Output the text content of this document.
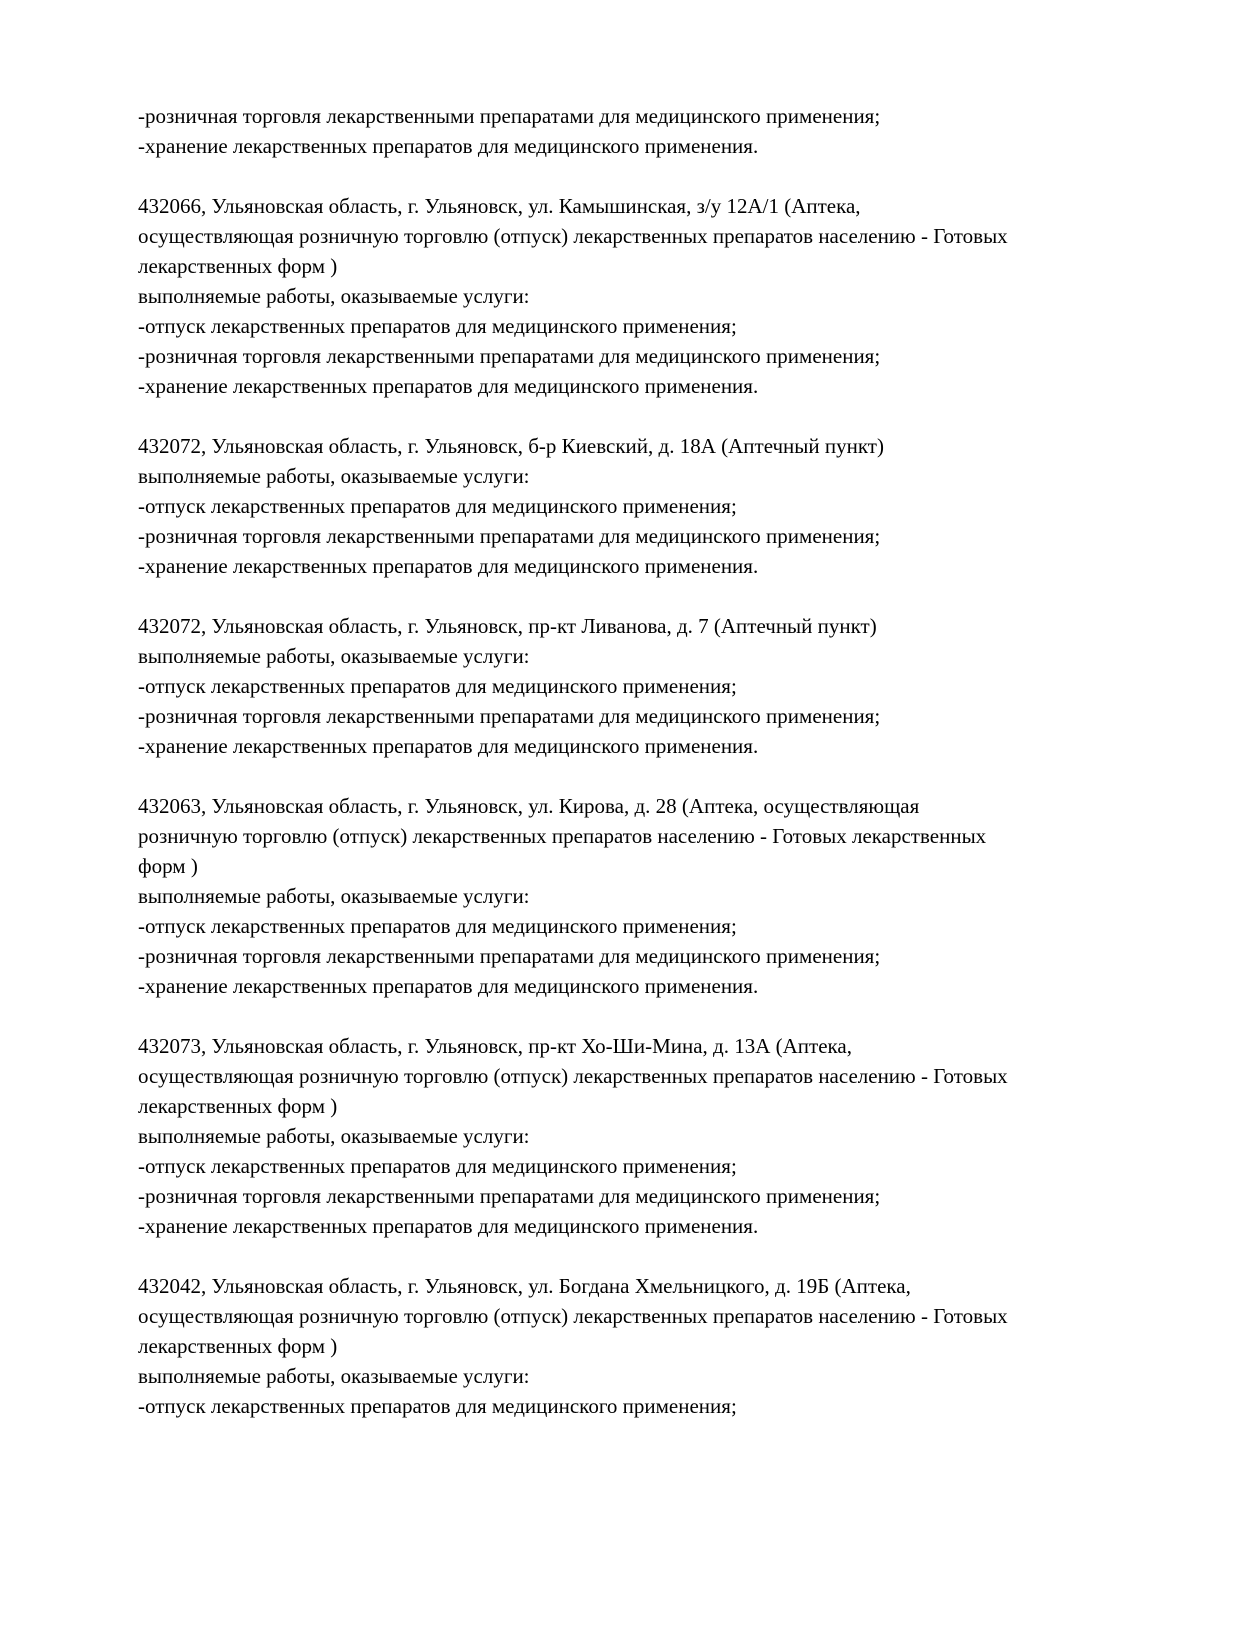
-розничная торговля лекарственными препаратами для медицинского применения;
-хранение лекарственных препаратов для медицинского применения.
432066, Ульяновская область, г. Ульяновск, ул. Камышинская, з/у 12А/1 (Аптека,
осуществляющая розничную торговлю (отпуск) лекарственных препаратов населению - Готовых
лекарственных форм )
выполняемые работы, оказываемые услуги:
-отпуск лекарственных препаратов для медицинского применения;
-розничная торговля лекарственными препаратами для медицинского применения;
-хранение лекарственных препаратов для медицинского применения.
432072, Ульяновская область, г. Ульяновск, б-р Киевский, д. 18А (Аптечный пункт)
выполняемые работы, оказываемые услуги:
-отпуск лекарственных препаратов для медицинского применения;
-розничная торговля лекарственными препаратами для медицинского применения;
-хранение лекарственных препаратов для медицинского применения.
432072, Ульяновская область, г. Ульяновск, пр-кт Ливанова, д. 7 (Аптечный пункт)
выполняемые работы, оказываемые услуги:
-отпуск лекарственных препаратов для медицинского применения;
-розничная торговля лекарственными препаратами для медицинского применения;
-хранение лекарственных препаратов для медицинского применения.
432063, Ульяновская область, г. Ульяновск, ул. Кирова, д. 28 (Аптека, осуществляющая
розничную торговлю (отпуск) лекарственных препаратов населению - Готовых лекарственных
форм )
выполняемые работы, оказываемые услуги:
-отпуск лекарственных препаратов для медицинского применения;
-розничная торговля лекарственными препаратами для медицинского применения;
-хранение лекарственных препаратов для медицинского применения.
432073, Ульяновская область, г. Ульяновск, пр-кт Хо-Ши-Мина, д. 13А (Аптека,
осуществляющая розничную торговлю (отпуск) лекарственных препаратов населению - Готовых
лекарственных форм )
выполняемые работы, оказываемые услуги:
-отпуск лекарственных препаратов для медицинского применения;
-розничная торговля лекарственными препаратами для медицинского применения;
-хранение лекарственных препаратов для медицинского применения.
432042, Ульяновская область, г. Ульяновск, ул. Богдана Хмельницкого, д. 19Б (Аптека,
осуществляющая розничную торговлю (отпуск) лекарственных препаратов населению - Готовых
лекарственных форм )
выполняемые работы, оказываемые услуги:
-отпуск лекарственных препаратов для медицинского применения;
